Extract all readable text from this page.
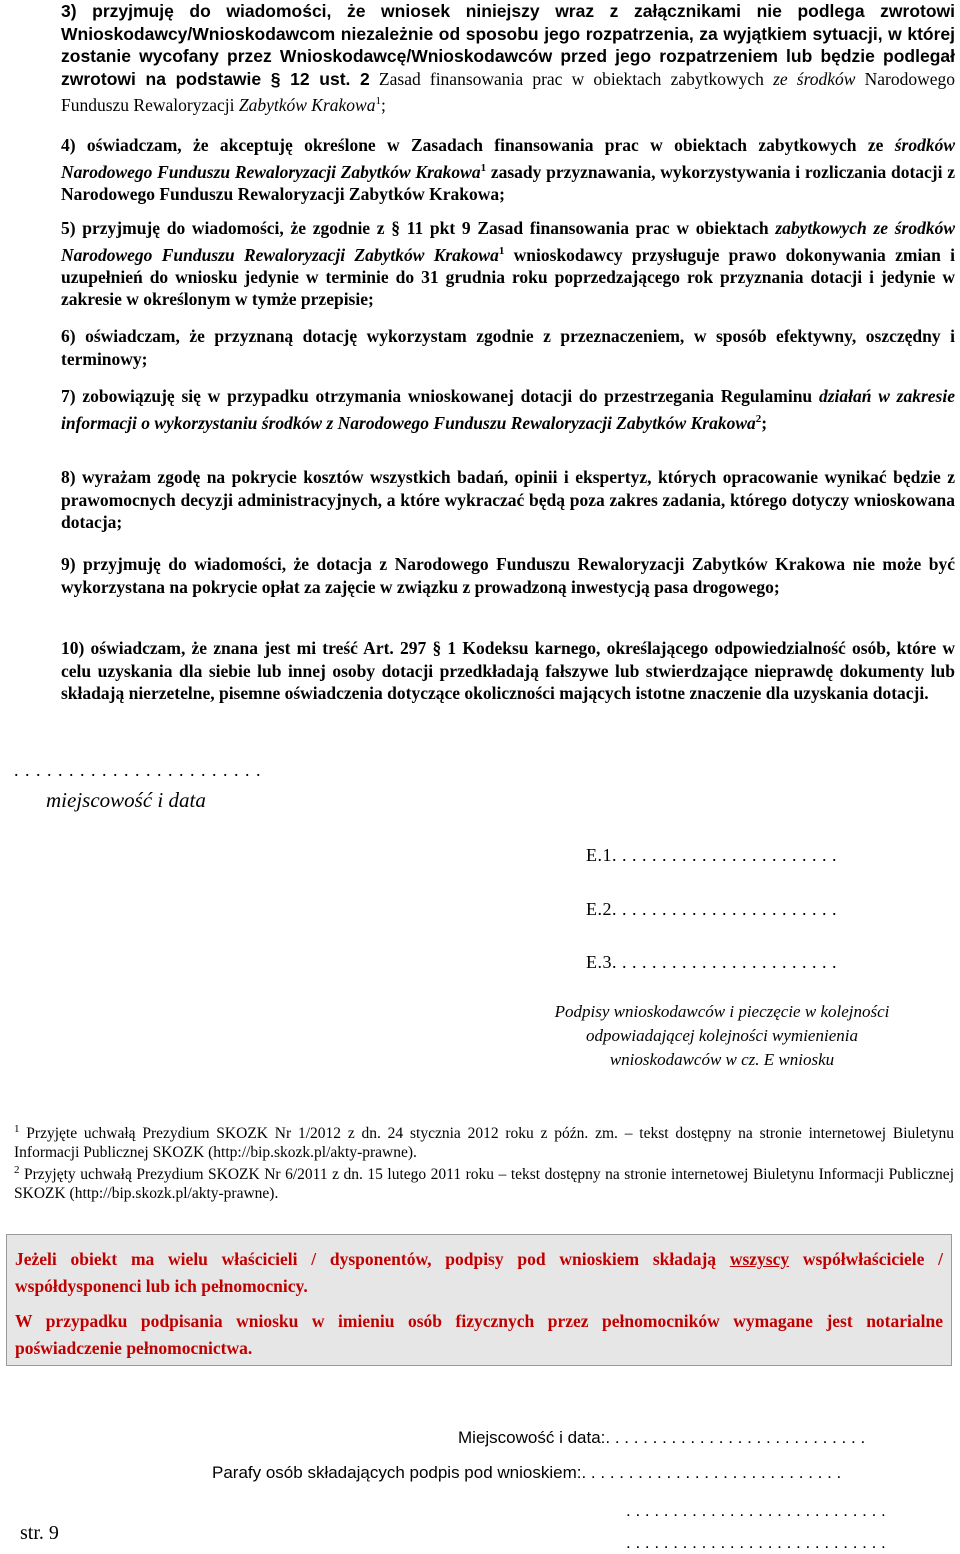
3) przyjmuję do wiadomości, że wniosek niniejszy wraz z załącznikami nie podlega zwrotowi Wnioskodawcy/Wnioskodawcom niezależnie od sposobu jego rozpatrzenia, za wyjątkiem sytuacji, w której zostanie wycofany przez Wnioskodawcę/Wnioskodawców przed jego rozpatrzeniem lub będzie podlegał zwrotowi na podstawie § 12 ust. 2 Zasad finansowania prac w obiektach zabytkowych ze środków Narodowego Funduszu Rewaloryzacji Zabytków Krakowa$^1$;
4) oświadczam, że akceptuję określone w Zasadach finansowania prac w obiektach zabytkowych ze środków Narodowego Funduszu Rewaloryzacji Zabytków Krakowa$^1$ zasady przyznawania, wykorzystywania i rozliczania dotacji z Narodowego Funduszu Rewaloryzacji Zabytków Krakowa;
5) przyjmuję do wiadomości, że zgodnie z § 11 pkt 9 Zasad finansowania prac w obiektach zabytkowych ze środków Narodowego Funduszu Rewaloryzacji Zabytków Krakowa$^1$ wnioskodawcy przysługuje prawo dokonywania zmian i uzupełnień do wniosku jedynie w terminie do 31 grudnia roku poprzedzającego rok przyznania dotacji i jedynie w zakresie w określonym w tymże przepisie;
6) oświadczam, że przyznaną dotację wykorzystam zgodnie z przeznaczeniem, w sposób efektywny, oszczędny i terminowy;
7) zobowiązuję się w przypadku otrzymania wnioskowanej dotacji do przestrzegania Regulaminu działań w zakresie informacji o wykorzystaniu środków z Narodowego Funduszu Rewaloryzacji Zabytków Krakowa$^2$;
8) wyrażam zgodę na pokrycie kosztów wszystkich badań, opinii i ekspertyz, których opracowanie wynikać będzie z prawomocnych decyzji administracyjnych, a które wykraczać będą poza zakres zadania, którego dotyczy wnioskowana dotacja;
9) przyjmuję do wiadomości, że dotacja z Narodowego Funduszu Rewaloryzacji Zabytków Krakowa nie może być wykorzystana na pokrycie opłat za zajęcie w związku z prowadzoną inwestycją pasa drogowego;
10) oświadczam, że znana jest mi treść Art. 297 § 1 Kodeksu karnego, określającego odpowiedzialność osób, które w celu uzyskania dla siebie lub innej osoby dotacji przedkładają fałszywe lub stwierdzające nieprawdę dokumenty lub składają nierzetelne, pisemne oświadczenia dotyczące okoliczności mających istotne znaczenie dla uzyskania dotacji.
. . . . . . . . . . . . . . . . . . . . . . .
miejscowość i data
E.1. . . . . . . . . . . . . . . . . . . . . . .
E.2. . . . . . . . . . . . . . . . . . . . . . .
E.3. . . . . . . . . . . . . . . . . . . . . . .
Podpisy wnioskodawców i pieczęcie w kolejności
odpowiadającej kolejności wymienienia
wnioskodawców w cz. E wniosku
$^1$ Przyjęte uchwałą Prezydium SKOZK Nr 1/2012 z dn. 24 stycznia 2012 roku z późn. zm. – tekst dostępny na stronie internetowej Biuletynu Informacji Publicznej SKOZK (http://bip.skozk.pl/akty-prawne).
$^2$ Przyjęty uchwałą Prezydium SKOZK Nr 6/2011 z dn. 15 lutego 2011 roku – tekst dostępny na stronie internetowej Biuletynu Informacji Publicznej SKOZK (http://bip.skozk.pl/akty-prawne).

Jeżeli obiekt ma wielu właścicieli / dysponentów, podpisy pod wnioskiem składają wszyscy współwłaściciele / współdysponenci lub ich pełnomocnicy.

W przypadku podpisania wniosku w imieniu osób fizycznych przez pełnomocników wymagane jest notarialne poświadczenie pełnomocnictwa.

Miejscowość i data:. . . . . . . . . . . . . . . . . . . . . . . . . . . .
Parafy osób składających podpis pod wnioskiem:. . . . . . . . . . . . . . . . . . . . . . . . . . . .
. . . . . . . . . . . . . . . . . . . . . . . . . . . .
. . . . . . . . . . . . . . . . . . . . . . . . . . . .
str. 9
